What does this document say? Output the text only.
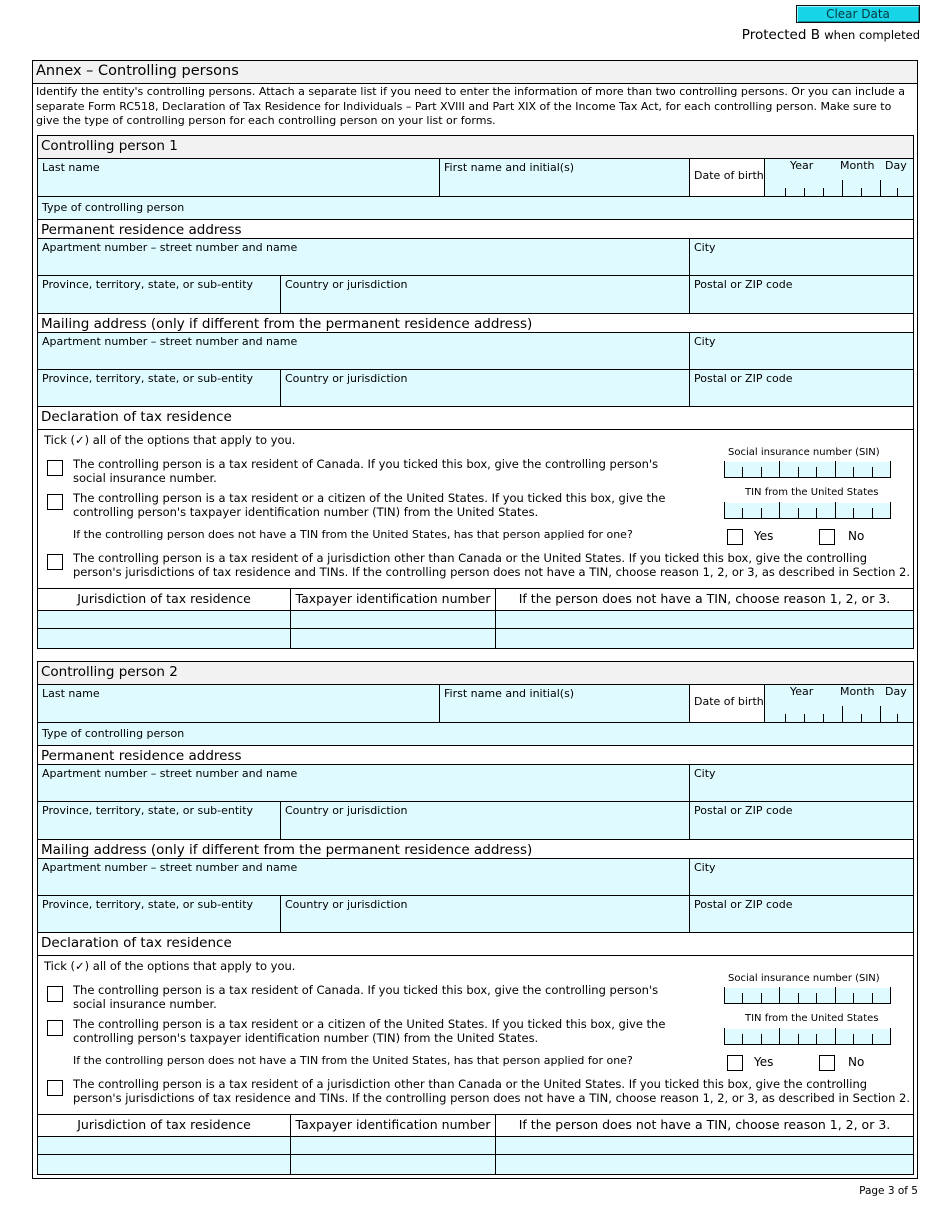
Clear Data
Protected B when completed
Annex – Controlling persons
Identify the entity's controlling persons. Attach a separate list if you need to enter the information of more than two controlling persons. Or you can include a separate Form RC518, Declaration of Tax Residence for Individuals – Part XVIII and Part XIX of the Income Tax Act, for each controlling person. Make sure to give the type of controlling person for each controlling person on your list or forms.
Controlling person 1
Last name	First name and initial(s)
Date of birth
Year Month Day
Type of controlling person
Permanent residence address
Apartment number – street number and name	City
Province, territory, state, or sub-entity	Country or jurisdiction	Postal or ZIP code
Mailing address (only if different from the permanent residence address)
Apartment number – street number and name	City
Province, territory, state, or sub-entity	Country or jurisdiction	Postal or ZIP code
Declaration of tax residence
Tick (✓) all of the options that apply to you.
The controlling person is a tax resident of Canada. If you ticked this box, give the controlling person's social insurance number.
Social insurance number (SIN)
The controlling person is a tax resident or a citizen of the United States. If you ticked this box, give the controlling person's taxpayer identification number (TIN) from the United States.
TIN from the United States
If the controlling person does not have a TIN from the United States, has that person applied for one?	Yes	No
The controlling person is a tax resident of a jurisdiction other than Canada or the United States. If you ticked this box, give the controlling person's jurisdictions of tax residence and TINs. If the controlling person does not have a TIN, choose reason 1, 2, or 3, as described in Section 2.
Jurisdiction of tax residence	Taxpayer identification number	If the person does not have a TIN, choose reason 1, 2, or 3.
Controlling person 2
Last name	First name and initial(s)
Date of birth
Year Month Day
Type of controlling person
Permanent residence address
Apartment number – street number and name	City
Province, territory, state, or sub-entity	Country or jurisdiction	Postal or ZIP code
Mailing address (only if different from the permanent residence address)
Apartment number – street number and name	City
Province, territory, state, or sub-entity	Country or jurisdiction	Postal or ZIP code
Declaration of tax residence
Tick (✓) all of the options that apply to you.
The controlling person is a tax resident of Canada. If you ticked this box, give the controlling person's social insurance number.
Social insurance number (SIN)
The controlling person is a tax resident or a citizen of the United States. If you ticked this box, give the controlling person's taxpayer identification number (TIN) from the United States.
TIN from the United States
If the controlling person does not have a TIN from the United States, has that person applied for one?	Yes	No
The controlling person is a tax resident of a jurisdiction other than Canada or the United States. If you ticked this box, give the controlling person's jurisdictions of tax residence and TINs. If the controlling person does not have a TIN, choose reason 1, 2, or 3, as described in Section 2.
Jurisdiction of tax residence	Taxpayer identification number	If the person does not have a TIN, choose reason 1, 2, or 3.
Page 3 of 5
